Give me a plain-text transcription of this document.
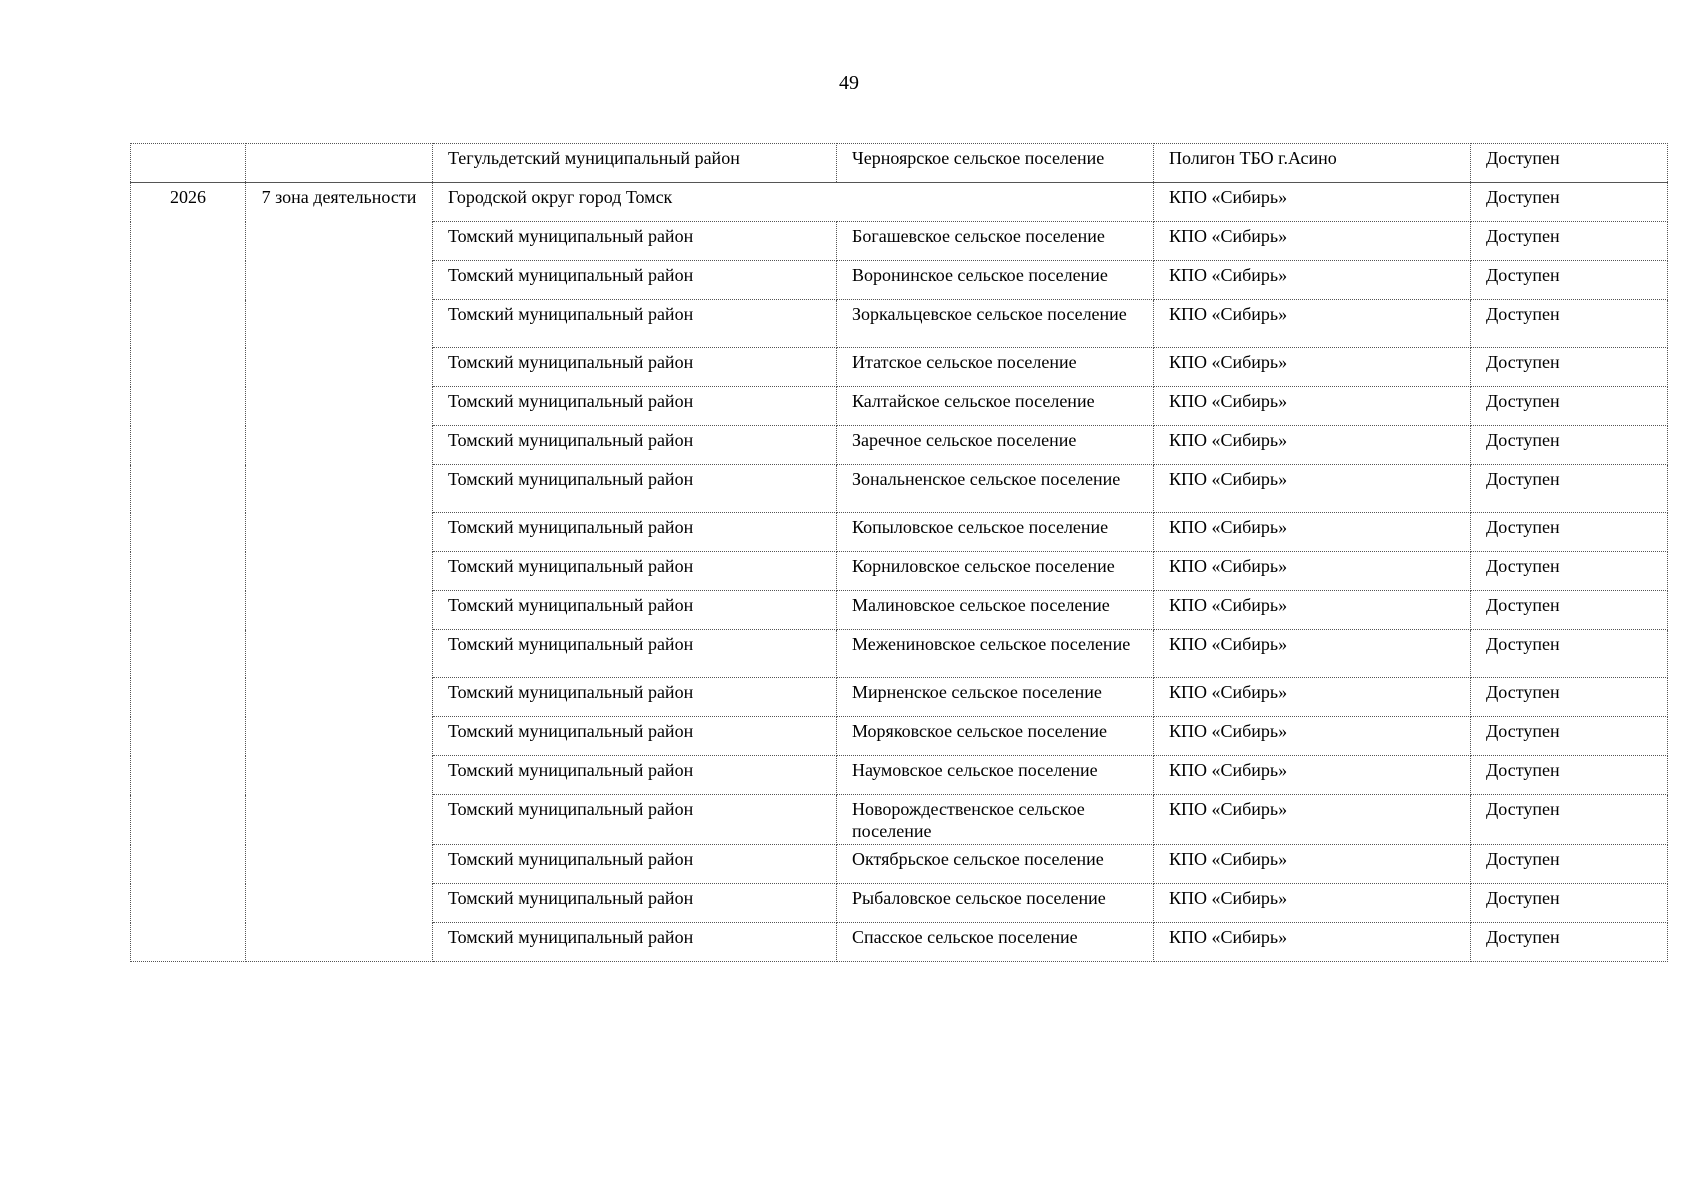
49
		Тегульдетский муниципальный район	Черноярское сельское поселение	Полигон ТБО г.Асино	Доступен
2026	7 зона деятельности	Городской округ город Томск		КПО «Сибирь»	Доступен
		Томский муниципальный район	Богашевское сельское поселение	КПО «Сибирь»	Доступен
		Томский муниципальный район	Воронинское сельское поселение	КПО «Сибирь»	Доступен
		Томский муниципальный район	Зоркальцевское сельское поселение	КПО «Сибирь»	Доступен
		Томский муниципальный район	Итатское сельское поселение	КПО «Сибирь»	Доступен
		Томский муниципальный район	Калтайское сельское поселение	КПО «Сибирь»	Доступен
		Томский муниципальный район	Заречное сельское поселение	КПО «Сибирь»	Доступен
		Томский муниципальный район	Зональненское сельское поселение	КПО «Сибирь»	Доступен
		Томский муниципальный район	Копыловское сельское поселение	КПО «Сибирь»	Доступен
		Томский муниципальный район	Корниловское сельское поселение	КПО «Сибирь»	Доступен
		Томский муниципальный район	Малиновское сельское поселение	КПО «Сибирь»	Доступен
		Томский муниципальный район	Межениновское сельское поселение	КПО «Сибирь»	Доступен
		Томский муниципальный район	Мирненское сельское поселение	КПО «Сибирь»	Доступен
		Томский муниципальный район	Моряковское сельское поселение	КПО «Сибирь»	Доступен
		Томский муниципальный район	Наумовское сельское поселение	КПО «Сибирь»	Доступен
		Томский муниципальный район	Новорождественское сельское поселение	КПО «Сибирь»	Доступен
		Томский муниципальный район	Октябрьское сельское поселение	КПО «Сибирь»	Доступен
		Томский муниципальный район	Рыбаловское сельское поселение	КПО «Сибирь»	Доступен
		Томский муниципальный район	Спасское сельское поселение	КПО «Сибирь»	Доступен
